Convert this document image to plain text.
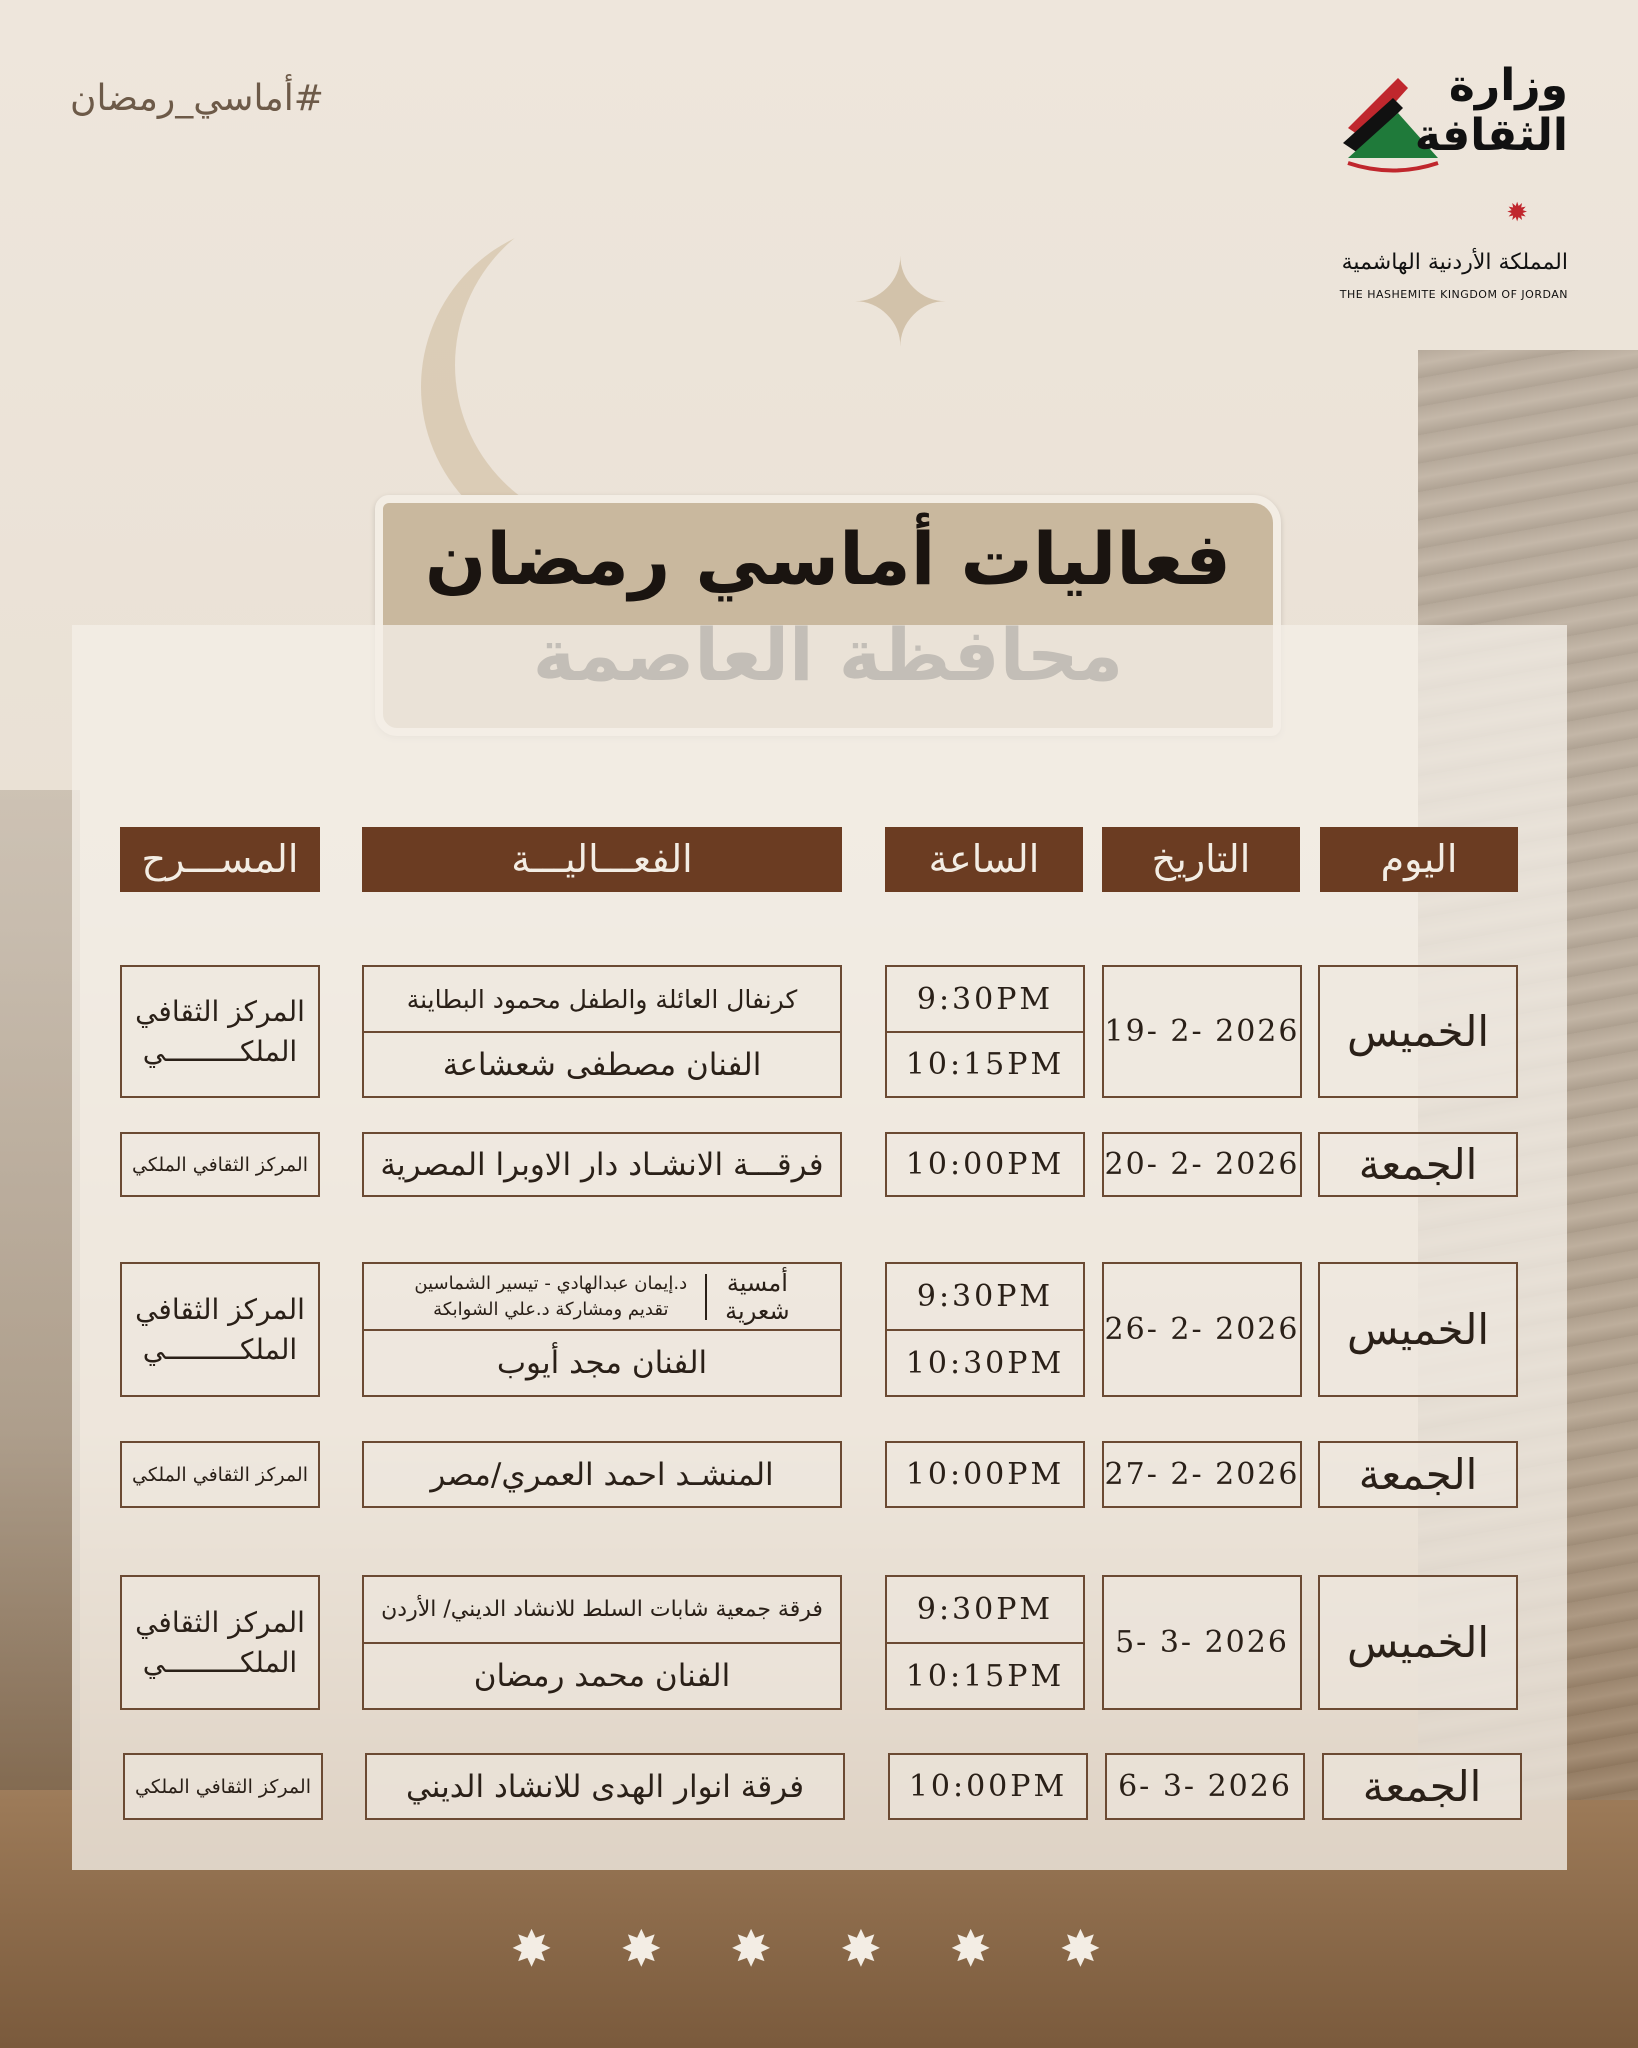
✦
#أماسي_رمضان	وزارة
الثقافة
✹
المملكة الأردنية الهاشمية
THE HASHEMITE KINGDOM OF JORDAN
فعاليات أماسي رمضان
اليوم
التاريخ
الساعة
الفعـــاليـــة
المســـرح
الخميس
19- 2- 2026
9:30PM
10:15PM
كرنفال العائلة والطفل محمود البطاينة
الفنان مصطفى شعشاعة
المركز الثقافي
الملكـــــــــي
الجمعة
20- 2- 2026
10:00PM
فرقـــة الانشـاد دار الاوبرا المصرية
المركز الثقافي الملكي
الخميس
26- 2- 2026
9:30PM
10:30PM
أمسية
شعرية
د.إيمان عبدالهادي - تيسير الشماسين
تقديم ومشاركة د.علي الشوابكة
الفنان مجد أيوب
المركز الثقافي
الملكـــــــــي
الجمعة
27- 2- 2026
10:00PM
المنشـد احمد العمري/مصر
المركز الثقافي الملكي
الخميس
5- 3- 2026
9:30PM
10:15PM
فرقة جمعية شابات السلط للانشاد الديني/ الأردن
الفنان محمد رمضان
المركز الثقافي
الملكـــــــــي
الجمعة
6- 3- 2026
10:00PM
فرقة انوار الهدى للانشاد الديني
المركز الثقافي الملكي
✸ ✸ ✸ ✸ ✸ ✸
